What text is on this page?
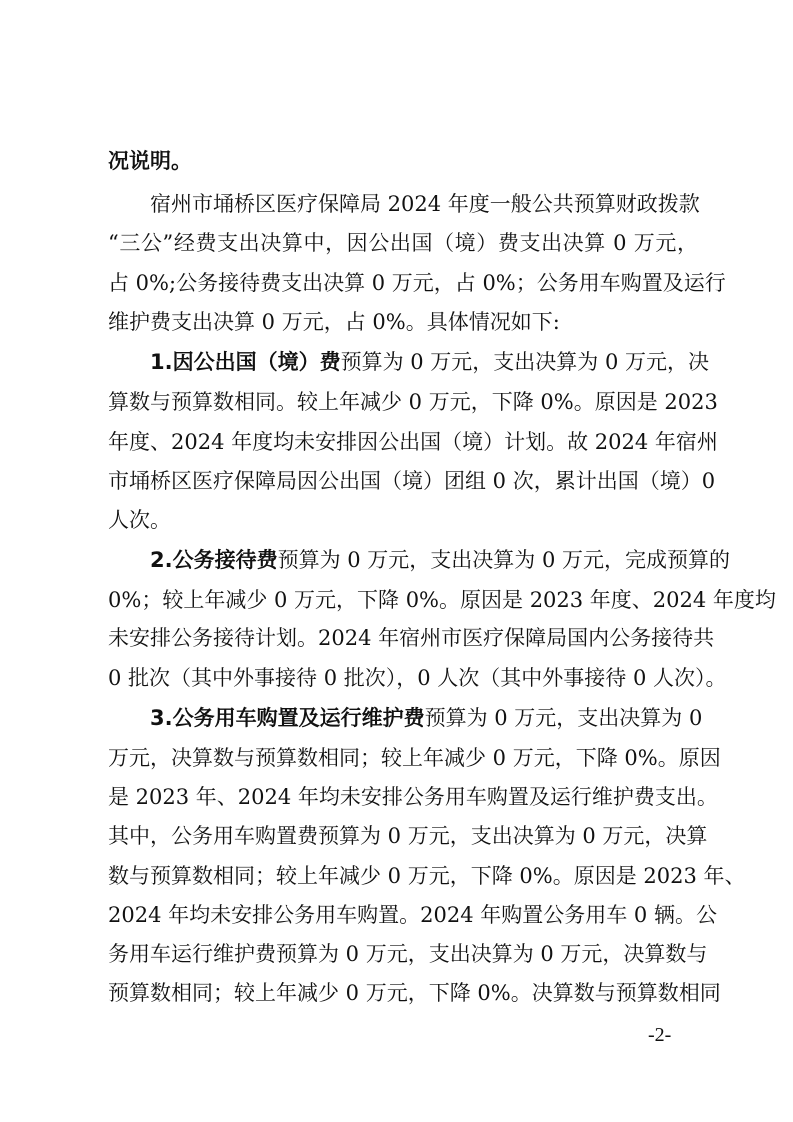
况说明。
宿州市埇桥区医疗保障局 2024 年度一般公共预算财政拨款
“三公”经费支出决算中，因公出国（境）费支出决算 0 万元，
占 0%;公务接待费支出决算 0 万元，占 0%；公务用车购置及运行
维护费支出决算 0 万元，占 0%。具体情况如下:
1.因公出国（境）费预算为 0 万元，支出决算为 0 万元，决
算数与预算数相同。较上年减少 0 万元，下降 0%。原因是 2023
年度、2024 年度均未安排因公出国（境）计划。故 2024 年宿州
市埇桥区医疗保障局因公出国（境）团组 0 次，累计出国（境）0
人次。
2.公务接待费预算为 0 万元，支出决算为 0 万元，完成预算的
0%；较上年减少 0 万元，下降 0%。原因是 2023 年度、2024 年度均
未安排公务接待计划。2024 年宿州市医疗保障局国内公务接待共
0 批次（其中外事接待 0 批次），0 人次（其中外事接待 0 人次）。
3.公务用车购置及运行维护费预算为 0 万元，支出决算为 0
万元，决算数与预算数相同；较上年减少 0 万元，下降 0%。原因
是 2023 年、2024 年均未安排公务用车购置及运行维护费支出。
其中，公务用车购置费预算为 0 万元，支出决算为 0 万元，决算
数与预算数相同；较上年减少 0 万元，下降 0%。原因是 2023 年、
2024 年均未安排公务用车购置。2024 年购置公务用车 0 辆。公
务用车运行维护费预算为 0 万元，支出决算为 0 万元，决算数与
预算数相同；较上年减少 0 万元，下降 0%。决算数与预算数相同
-2-
